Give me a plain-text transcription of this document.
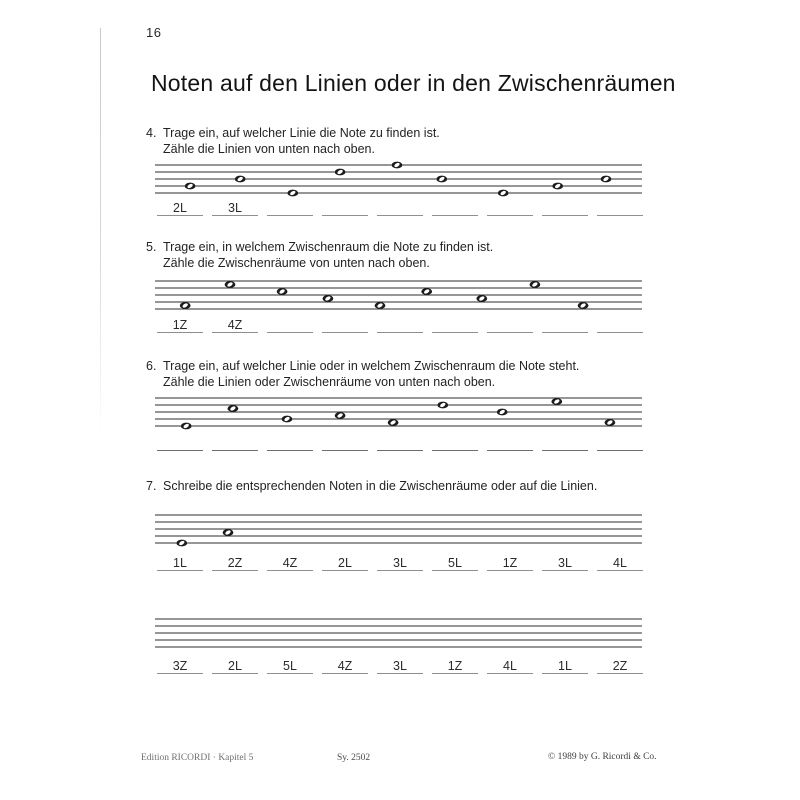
16
Noten auf den Linien oder in den Zwischenräumen
4. Trage ein, auf welcher Linie die Note zu finden ist.
Zähle die Linien von unten nach oben.
2L	3L
5. Trage ein, in welchem Zwischenraum die Note zu finden ist.
Zähle die Zwischenräume von unten nach oben.
1Z	4Z
6. Trage ein, auf welcher Linie oder in welchem Zwischenraum die Note steht.
Zähle die Linien oder Zwischenräume von unten nach oben.
7. Schreibe die entsprechenden Noten in die Zwischenräume oder auf die Linien.
1L	2Z	4Z	2L	3L	5L	1Z	3L	4L
3Z	2L	5L	4Z	3L	1Z	4L	1L	2Z
Edition RICORDI · Kapitel 5	Sy. 2502	© 1989 by G. Ricordi & Co.
